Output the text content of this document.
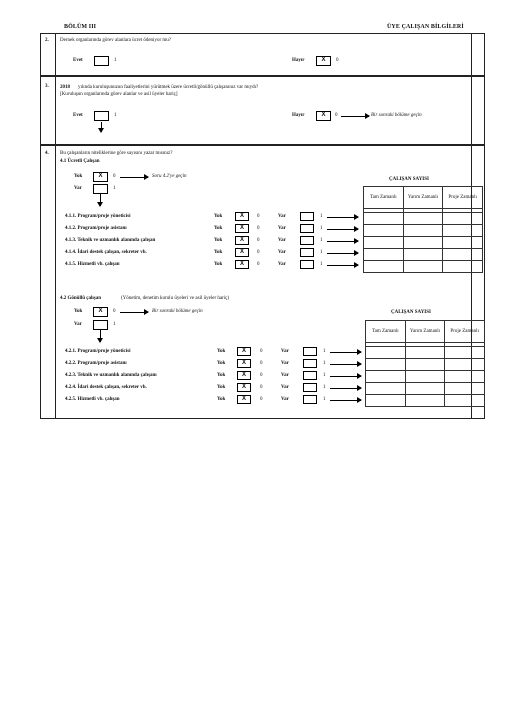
BÖLÜM III	ÜYE ÇALIŞAN BİLGİLERİ
2. Dernek organlarında görev alanlara ücret ödeniyor mu?
Evet	1	Hayır	X	0
3. 2018 yılında kuruluşunuzun faaliyetlerini yürütmek üzere ücretli/gönüllü çalışanınız var mıydı?
[Kuruluşun organlarında görev alanlar ve asil üyeler hariç]
Evet	1	Hayır	X	0	Bir sonraki bölüme geçin
4. Bu çalışanların niteliklerine göre sayısını yazar mısınız?
4.1 Ücretli Çalışan
Yok	X	0	Soru 4.2'ye geçin
Var	1
ÇALIŞAN SAYISI
4.1.1. Program/proje yöneticisi	Yok	X	0	Var	1
4.1.2. Program/proje asistanı	Yok	X	0	Var	1
4.1.3. Teknik ve uzmanlık alanında çalışan	Yok	X	0	Var	1
4.1.4. İdari destek çalışan, sekreter vb.	Yok	X	0	Var	1
4.1.5. Hizmetli vb. çalışan	Yok	X	0	Var	1
Tam Zamanlı	Yarım Zamanlı	Proje Zamanlı

4.2 Gönüllü çalışan	(Yönetim, denetim kurulu üyeleri ve asil üyeler hariç)
Yok	X	0	Bir sonraki bölüme geçin
Var	1
ÇALIŞAN SAYISI
4.2.1. Program/proje yöneticisi	Yok	X	0	Var	1
4.2.2. Program/proje asistanı	Yok	X	0	Var	1
4.2.3. Teknik ve uzmanlık alanında çalışanı	Yok	X	0	Var	1
4.2.4. İdari destek çalışan, sekreter vb.	Yok	X	0	Var	1
4.2.5. Hizmetli vb. çalışan	Yok	X	0	Var	1
Tam Zamanlı	Yarım Zamanlı	Proje Zamanlı
